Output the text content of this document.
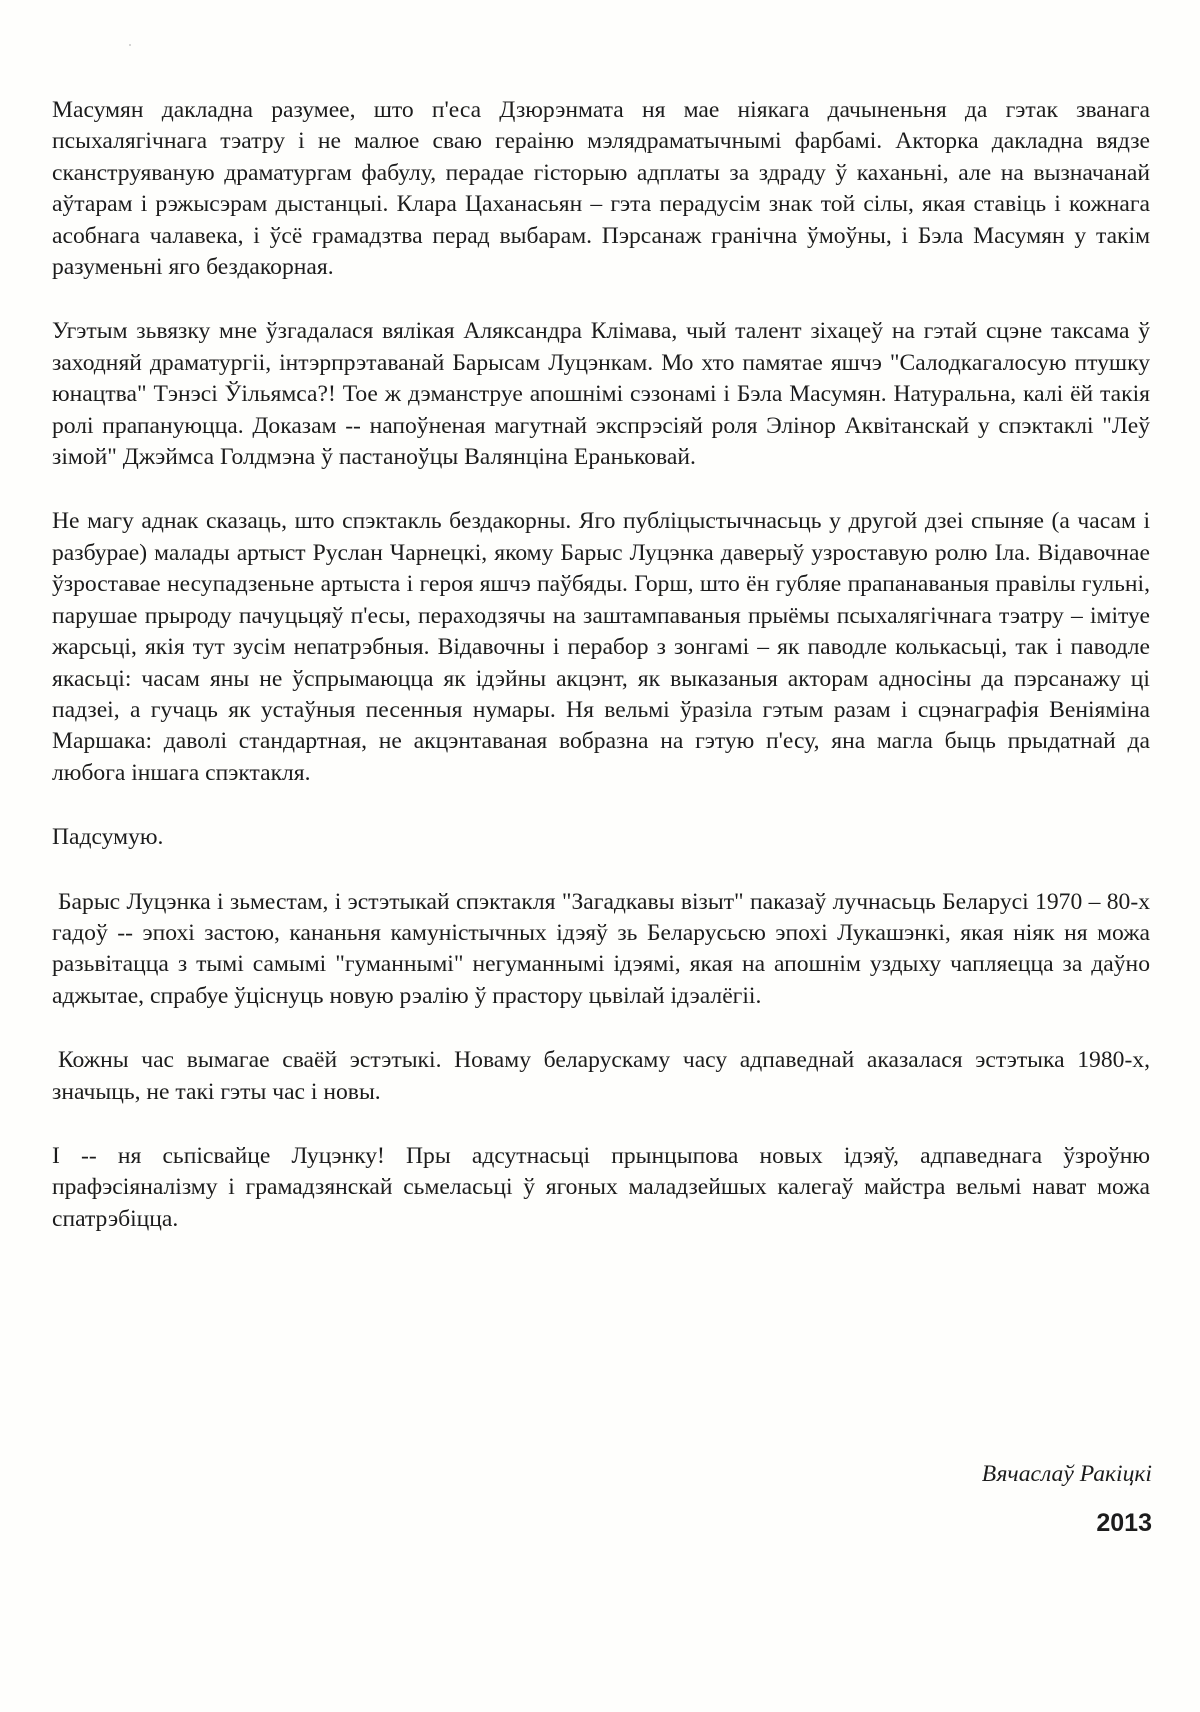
Масумян дакладна разумее, што п'еса Дзюрэнмата ня мае ніякага дачыненьня да гэтак званага псыхалягічнага тэатру і не малюе сваю гераіню мэлядраматычнымі фарбамі. Акторка дакладна вядзе сканструяваную драматургам фабулу, перадае гісторыю адплаты за здраду ў каханьні, але на вызначанай аўтарам і рэжысэрам дыстанцыі. Клара Цаханасьян – гэта перадусім знак той сілы, якая ставіць і кожнага асобнага чалавека, і ўсё грамадзтва перад выбарам. Пэрсанаж гранічна ўмоўны, і Бэла Масумян у такім разуменьні яго бездакорная.

Угэтым зьвязку мне ўзгадалася вялікая Аляксандра Клімава, чый талент зіхацеў на гэтай сцэне таксама ў заходняй драматургіі, інтэрпрэтаванай Барысам Луцэнкам. Мо хто памятае яшчэ "Салодкагалосую птушку юнацтва" Тэнэсі Ўільямса?! Тое ж дэманструе апошнімі сэзонамі і Бэла Масумян. Натуральна, калі ёй такія ролі прапануюцца. Доказам -- напоўненая магутнай экспрэсіяй роля Элінор Аквітанскай у спэктаклі "Леў зімой" Джэймса Голдмэна ў пастаноўцы Валянціна Ераньковай.

Не магу аднак сказаць, што спэктакль бездакорны. Яго публіцыстычнасьць у другой дзеі спыняе (а часам і разбурае) малады артыст Руслан Чарнецкі, якому Барыс Луцэнка даверыў узроставую ролю Іла. Відавочнае ўзроставае несупадзеньне артыста і героя яшчэ паўбяды. Горш, што ён губляе прапанаваныя правілы гульні, парушае прыроду пачуцьцяў п'есы, пераходзячы на заштампаваныя прыёмы псыхалягічнага тэатру – імітуе жарсьці, якія тут зусім непатрэбныя. Відавочны і перабор з зонгамі – як паводле колькасьці, так і паводле якасьці: часам яны не ўспрымаюцца як ідэйны акцэнт, як выказаныя акторам адносіны да пэрсанажу ці падзеі, а гучаць як устаўныя песенныя нумары. Ня вельмі ўразіла гэтым разам і сцэнаграфія Веніяміна Маршака: даволі стандартная, не акцэнтаваная вобразна на гэтую п'есу, яна магла быць прыдатнай да любога іншага спэктакля.

Падсумую.

Барыс Луцэнка і зьместам, і эстэтыкай спэктакля "Загадкавы візыт" паказаў лучнасьць Беларусі 1970 – 80-х гадоў -- эпохі застою, кананьня камуністычных ідэяў зь Беларусьсю эпохі Лукашэнкі, якая ніяк ня можа разьвітацца з тымі самымі "гуманнымі" негуманнымі ідэямі, якая на апошнім уздыху чапляецца за даўно аджытае, спрабуе ўціснуць новую рэалію ў прастору цьвілай ідэалёгіі.

Кожны час вымагае сваёй эстэтыкі. Новаму беларускаму часу адпаведнай аказалася эстэтыка 1980-х, значыць, не такі гэты час і новы.

І -- ня сьпісвайце Луцэнку! Пры адсутнасьці прынцыпова новых ідэяў, адпаведнага ўзроўню прафэсіяналізму і грамадзянскай сьмеласьці ў ягоных маладзейшых калегаў майстра вельмі нават можа спатрэбіцца.

Вячаслаў Ракіцкі
2013
